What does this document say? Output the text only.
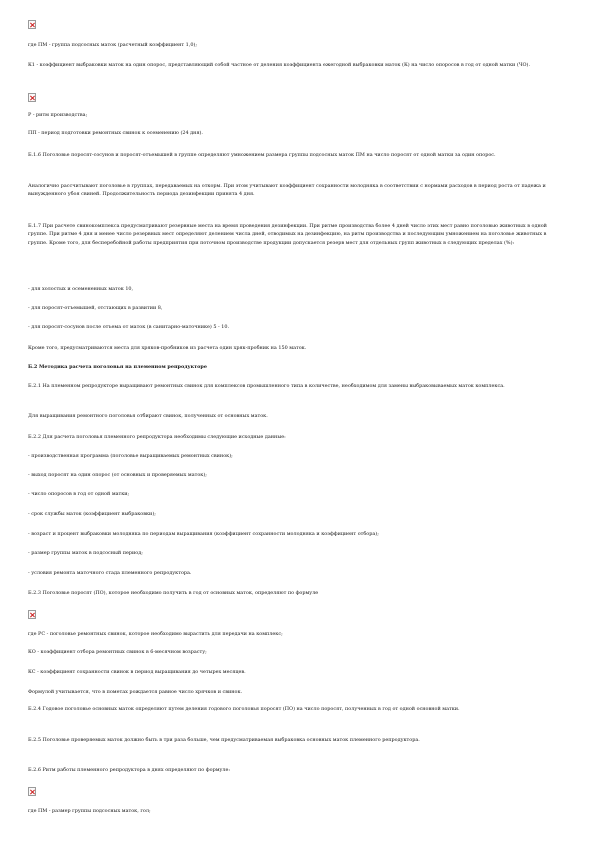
где ПМ - группа подсосных маток (расчетный коэффициент 1,0);

К1 - коэффициент выбраковки маток на один опорос, представляющий собой частное от деления коэффициента ежегодной выбраковки маток (К) на число опоросов в год от одной матки (ЧО).

Р - ритм производства;

ПП - период подготовки ремонтных свинок к осеменению (24 дня).

Б.1.6 Поголовье поросят-сосунов и поросят-отъемышей в группе определяют умножением размера группы подсосных маток ПМ на число поросят от одной матки за один опорос.

Аналогично рассчитывают поголовье в группах, передаваемых на откорм. При этом учитывают коэффициент сохранности молодняка в соответствии с нормами расходов в период роста от падежа и вынужденного убоя свиней. Продолжительность периода дезинфекции принята 4 дня.

Б.1.7 При расчете свинокомплекса предусматривают резервные места на время проведения дезинфекции. При ритме производства более 4 дней число этих мест равно поголовью животных в одной группе. При ритме 4 дня и менее число резервных мест определяют делением числа дней, отводимых на дезинфекцию, на ритм производства и последующим умножением на поголовье животных в группе. Кроме того, для бесперебойной работы предприятия при поточном производстве продукции допускается резерв мест для отдельных групп животных в следующих пределах (%):

- для холостых и осемененных маток 10,

- для поросят-отъемышей, отстающих в развитии 8,

- для поросят-сосунов после отъема от маток (в санитарно-маточнике) 5 - 10.

Кроме того, предусматриваются места для хряков-пробников из расчета один хряк-пробник на 150 маток.

Б.2 Методика расчета поголовья на племенном репродукторе

Б.2.1 На племенном репродукторе выращивают ремонтных свинок для комплексов промышленного типа в количестве, необходимом для замены выбраковываемых маток комплекса.

Для выращивания ремонтного поголовья отбирают свинок, полученных от основных маток.

Б.2.2 Для расчета поголовья племенного репродуктора необходимы следующие исходные данные:

- производственная программа (поголовье выращиваемых ремонтных свинок);

- выход поросят на один опорос (от основных и проверяемых маток);

- число опоросов в год от одной матки;

- срок службы маток (коэффициент выбраковки);

- возраст и процент выбраковки молодняка по периодам выращивания (коэффициент сохранности молодняка и коэффициент отбора);

- размер группы маток в подсосный период;

- условия ремонта маточного стада племенного репродуктора.

Б.2.3 Поголовье поросят (ПО), которое необходимо получить в год от основных маток, определяют по формуле

где PC - поголовье ремонтных свинок, которое необходимо вырастить для передачи на комплекс;

КО - коэффициент отбора ремонтных свинок в 6-месячном возрасту;

КС - коэффициент сохранности свинок в период выращивания до четырех месяцев.

Формулой учитывается, что в пометах рождается равное число хрячков и свинок.

Б.2.4 Годовое поголовье основных маток определяют путем деления годового поголовья поросят (ПО) на число поросят, полученных в год от одной основной матки.

Б.2.5 Поголовье проверяемых маток должно быть в три раза больше, чем предусматриваемая выбраковка основных маток племенного репродуктора.

Б.2.6 Ритм работы племенного репродуктора в днях определяют по формуле:

где ПМ - размер группы подсосных маток, гол;
